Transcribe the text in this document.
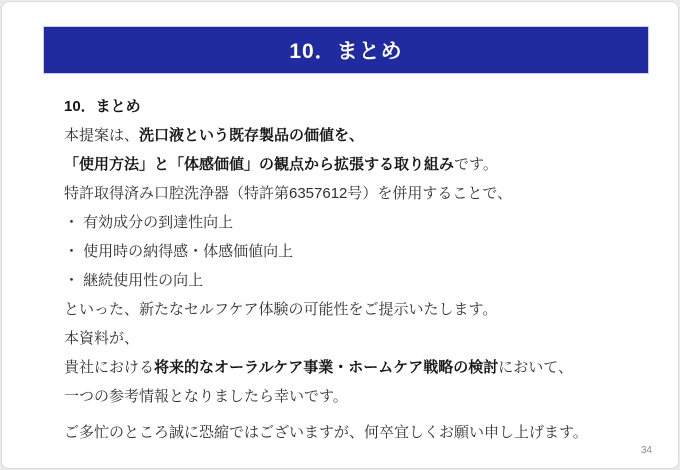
10．まとめ

10．まとめ

本提案は、洗口液という既存製品の価値を、

「使用方法」と「体感価値」の観点から拡張する取り組みです。

特許取得済み口腔洗浄器（特許第6357612号）を併用することで、

・ 有効成分の到達性向上

・ 使用時の納得感・体感価値向上

・ 継続使用性の向上

といった、新たなセルフケア体験の可能性をご提示いたします。

本資料が、

貴社における将来的なオーラルケア事業・ホームケア戦略の検討において、

一つの参考情報となりましたら幸いです。

ご多忙のところ誠に恐縮ではございますが、何卒宜しくお願い申し上げます。

34
